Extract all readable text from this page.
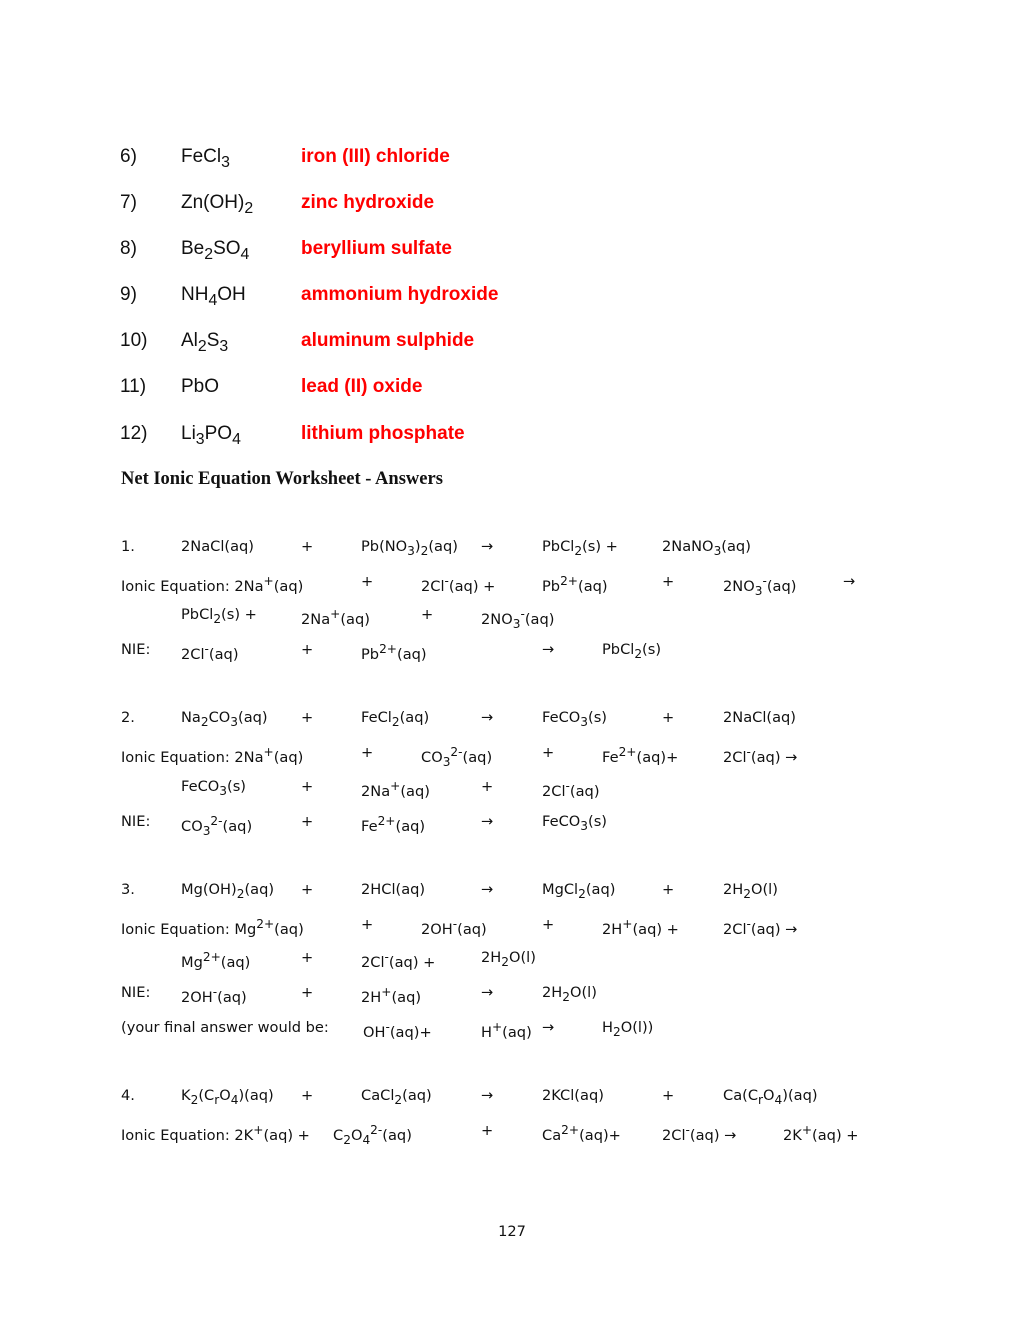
6) FeCl$_3$	iron (III) chloride
7) $Zn(OH)_2$	zinc hydroxide
8) $Be_2SO_4$	beryllium sulfate
9) $NH_4OH$	ammonium hydroxide
10) $Al_2S_3$	aluminum sulphide
11) PbO	lead (II) oxide
12) $Li_3PO_4$	lithium phosphate
Net Ionic Equation Worksheet - Answers
1.	2NaCl(aq)	+	$Pb(NO_3)_2(aq)$ →	PbCl$_2$(s) +	2NaNO$_3$(aq)
Ionic Equation: 2Na+(aq)	+	2Cl-(aq) +	$Pb^{2+}(aq)$	+	$2NO_3^-(aq)$	→
PbCl$_2$(s) +	2Na+(aq)	+	$2NO_3^-(aq)$
NIE: 2Cl-(aq)	+	$Pb^{2+}(aq)$	→	PbCl$_2$(s)
2.	$Na_2CO_3(aq)$ +	FeCl$_2$(aq)	→	FeCO$_3$(s)	+	2NaCl(aq)
Ionic Equation: 2Na+(aq)	+	$CO_3^{2-}(aq)$	+	$Fe^{2+}(aq)+$	2Cl-(aq) →
FeCO$_3$(s)	+	2Na+(aq)	+	2Cl-(aq)
NIE: $CO_3^{2-}(aq)$	+	$Fe^{2+}(aq)$	→	FeCO$_3$(s)
3.	$Mg(OH)_2(aq)$ +	2HCl(aq)	→	MgCl$_2$(aq)	+	$2H_2O(l)$
Ionic Equation: $Mg^{2+}(aq)$	+	2OH-(aq)	+	2H+(aq) +	2Cl-(aq) →
$Mg^{2+}(aq)$	+	2Cl-(aq) +	$2H_2O(l)$
NIE: 2OH-(aq)	+	2H+(aq)	→	$2H_2O(l)$
(your final answer would be: OH-(aq)+	H+(aq) →	$H_2O(l)$)
4.	$K_2(C_rO_4)(aq)$ +	CaCl$_2$(aq)	→	2KCl(aq)	+	$Ca(C_rO_4)(aq)$
Ionic Equation: $2K^+(aq) + C_2O_4^{2-}(aq)$	+	$Ca^{2+}(aq)+$	2Cl-(aq) →	2K+(aq) +
127
